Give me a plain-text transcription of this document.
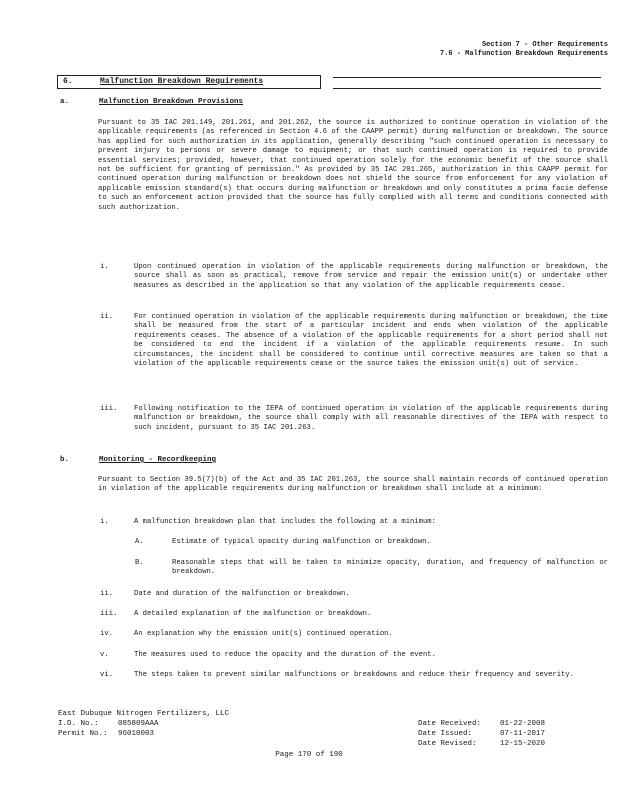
Section 7 - Other Requirements
7.6 - Malfunction Breakdown Requirements
6.	Malfunction Breakdown Requirements
a.	Malfunction Breakdown Provisions
Pursuant to 35 IAC 201.149, 201.261, and 201.262, the source is authorized to continue operation in violation of the applicable requirements (as referenced in Section 4.6 of the CAAPP permit) during malfunction or breakdown. The source has applied for such authorization in its application, generally describing "such continued operation is necessary to prevent injury to persons or severe damage to equipment; or that such continued operation is required to provide essential services; provided, however, that continued operation solely for the economic benefit of the source shall not be sufficient for granting of permission." As provided by 35 IAC 201.265, authorization in this CAAPP permit for continued operation during malfunction or breakdown does not shield the source from enforcement for any violation of applicable emission standard(s) that occurs during malfunction or breakdown and only constitutes a prima facie defense to such an enforcement action provided that the source has fully complied with all terms and conditions connected with such authorization.
i.	Upon continued operation in violation of the applicable requirements during malfunction or breakdown, the source shall as soon as practical, remove from service and repair the emission unit(s) or undertake other measures as described in the application so that any violation of the applicable requirements cease.
ii.	For continued operation in violation of the applicable requirements during malfunction or breakdown, the time shall be measured from the start of a particular incident and ends when violation of the applicable requirements ceases. The absence of a violation of the applicable requirements for a short period shall not be considered to end the incident if a violation of the applicable requirements resume. In such circumstances, the incident shall be considered to continue until corrective measures are taken so that a violation of the applicable requirements cease or the source takes the emission unit(s) out of service.
iii. Following notification to the IEPA of continued operation in violation of the applicable requirements during malfunction or breakdown, the source shall comply with all reasonable directives of the IEPA with respect to such incident, pursuant to 35 IAC 201.263.
b.	Monitoring - Recordkeeping
Pursuant to Section 39.5(7)(b) of the Act and 35 IAC 201.263, the source shall maintain records of continued operation in violation of the applicable requirements during malfunction or breakdown shall include at a minimum:
i.	A malfunction breakdown plan that includes the following at a minimum:
A.	Estimate of typical opacity during malfunction or breakdown.
B.	Reasonable steps that will be taken to minimize opacity, duration, and frequency of malfunction or breakdown.
ii.	Date and duration of the malfunction or breakdown.
iii. A detailed explanation of the malfunction or breakdown.
iv.	An explanation why the emission unit(s) continued operation.
v.	The measures used to reduce the opacity and the duration of the event.
vi.	The steps taken to prevent similar malfunctions or breakdowns and reduce their frequency and severity.
East Dubuque Nitrogen Fertilizers, LLC
I.D. No.:	085809AAA
Permit No.: 96010003
Date Received:	01-22-2008
Date Issued:	07-11-2017
Date Revised:	12-15-2020
Page 170 of 190
